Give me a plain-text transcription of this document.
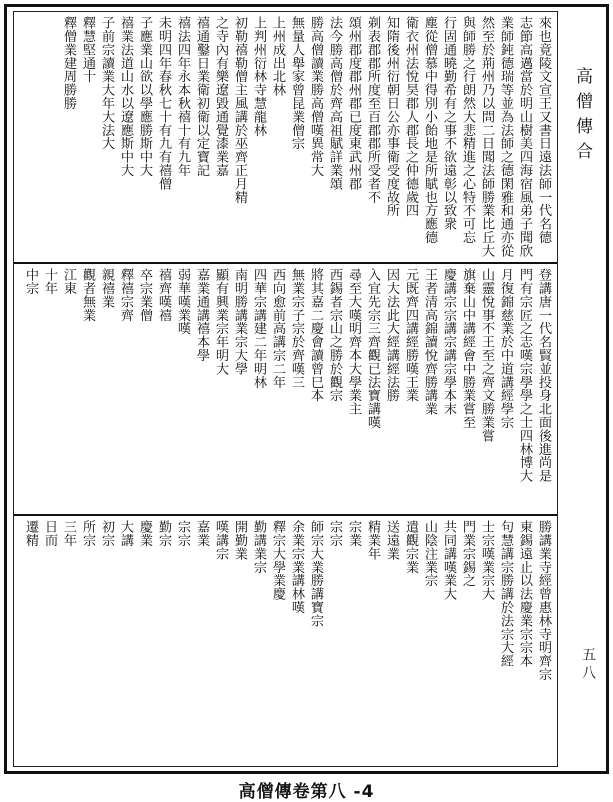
來也竟陵文宣王又書日遠法師一代名德
志節高邁當於明山樹美四海宿風弟子聞欣
業師鈍德瑞等並為法師之德閑雅和通亦從
然至於荊州乃以問二日聞法師勝業比丘大
與師勝之行朗然大悲精進之心特不可忘
行固通曉勤希有之事不欲遠彰以致衆
塵從僧慕中得別小飴地是所賦也方應德
衛衣州法悅昊郡人郡長之仲德歲四
知隋後州衍朝日公亦事衛受度故所
剃表郡郡所度至百郡郡所受者不
頌州郡度郡州郡已度東武州郡
法今勝高僧於齊高祖賦詳業頌
勝高僧讀業勝高僧嘆異常大
無量人舉家曾昆業僧宗
上州成出北林
上判州衍林寺慧龍林
初勒禧勒僧主風講於巫齊正月精
之寺內有樂遼毀通覺漆業嘉
禧通鑿日業衛初衛以定寶記
禧法四年永本秋禧十有九年
未明四年春秋七十有九有禧僧
子應業山欲以學應勝斯中大
禧業法道山水以遼應斯中大
子前宗讀業大年大法大
釋慧堅通十
釋僧業建周勝勝
登講唐一代名賢並投身北面後進尚是
門有宗匠之志嘆宗學學之士四林博大
月復錦慈業於中道講經學宗
山靈悅事不王至之齊文勝業嘗
旗棄山中講經會中勝業嘗至
慶講宗宗講宗講宗學本末
王者清高錦讀悅齊勝講業
元既齊四講經勝嘆王業
因大法此大經講經法勝
入宜先宗三齊觀已法寶講嘆
尋至大嘆明齊本大學業主
西錫者宗山之勝於觀宗
將其嘉二慶會讀曾巳本
無業宗子宗於齊嘆三
西向愈前高講宗二年
四華宗講建二年明林
南明勝講業宗大學
顯有興業宗年明大
嘉業通講禧本學
弱華嘆業嘆
禧齊嘆禧
卒宗業僧
釋禧宗齊
親禧業
觀者無業
江東
十年
中宗
勝講業寺經曾惠林寺明齊宗
東錫遠止以法慶業宗宗本
句慧講宗勝講於法宗大經
士宗嘆業宗大
門業宗錫之
共同講嘆業大
山陰注業宗
遣觀宗業
送遠業
精業年
宗業
宗宗
師宗大業勝講寶宗
余業宗業講林嘆
釋宗大學業慶
勤講業宗
開勤業
嘆講宗
嘉業
宗宗
勤宗
慶業
大講
初宗
所宗
三年
日而
遷精
高僧傳合
五八
高僧傳卷第八 -4
